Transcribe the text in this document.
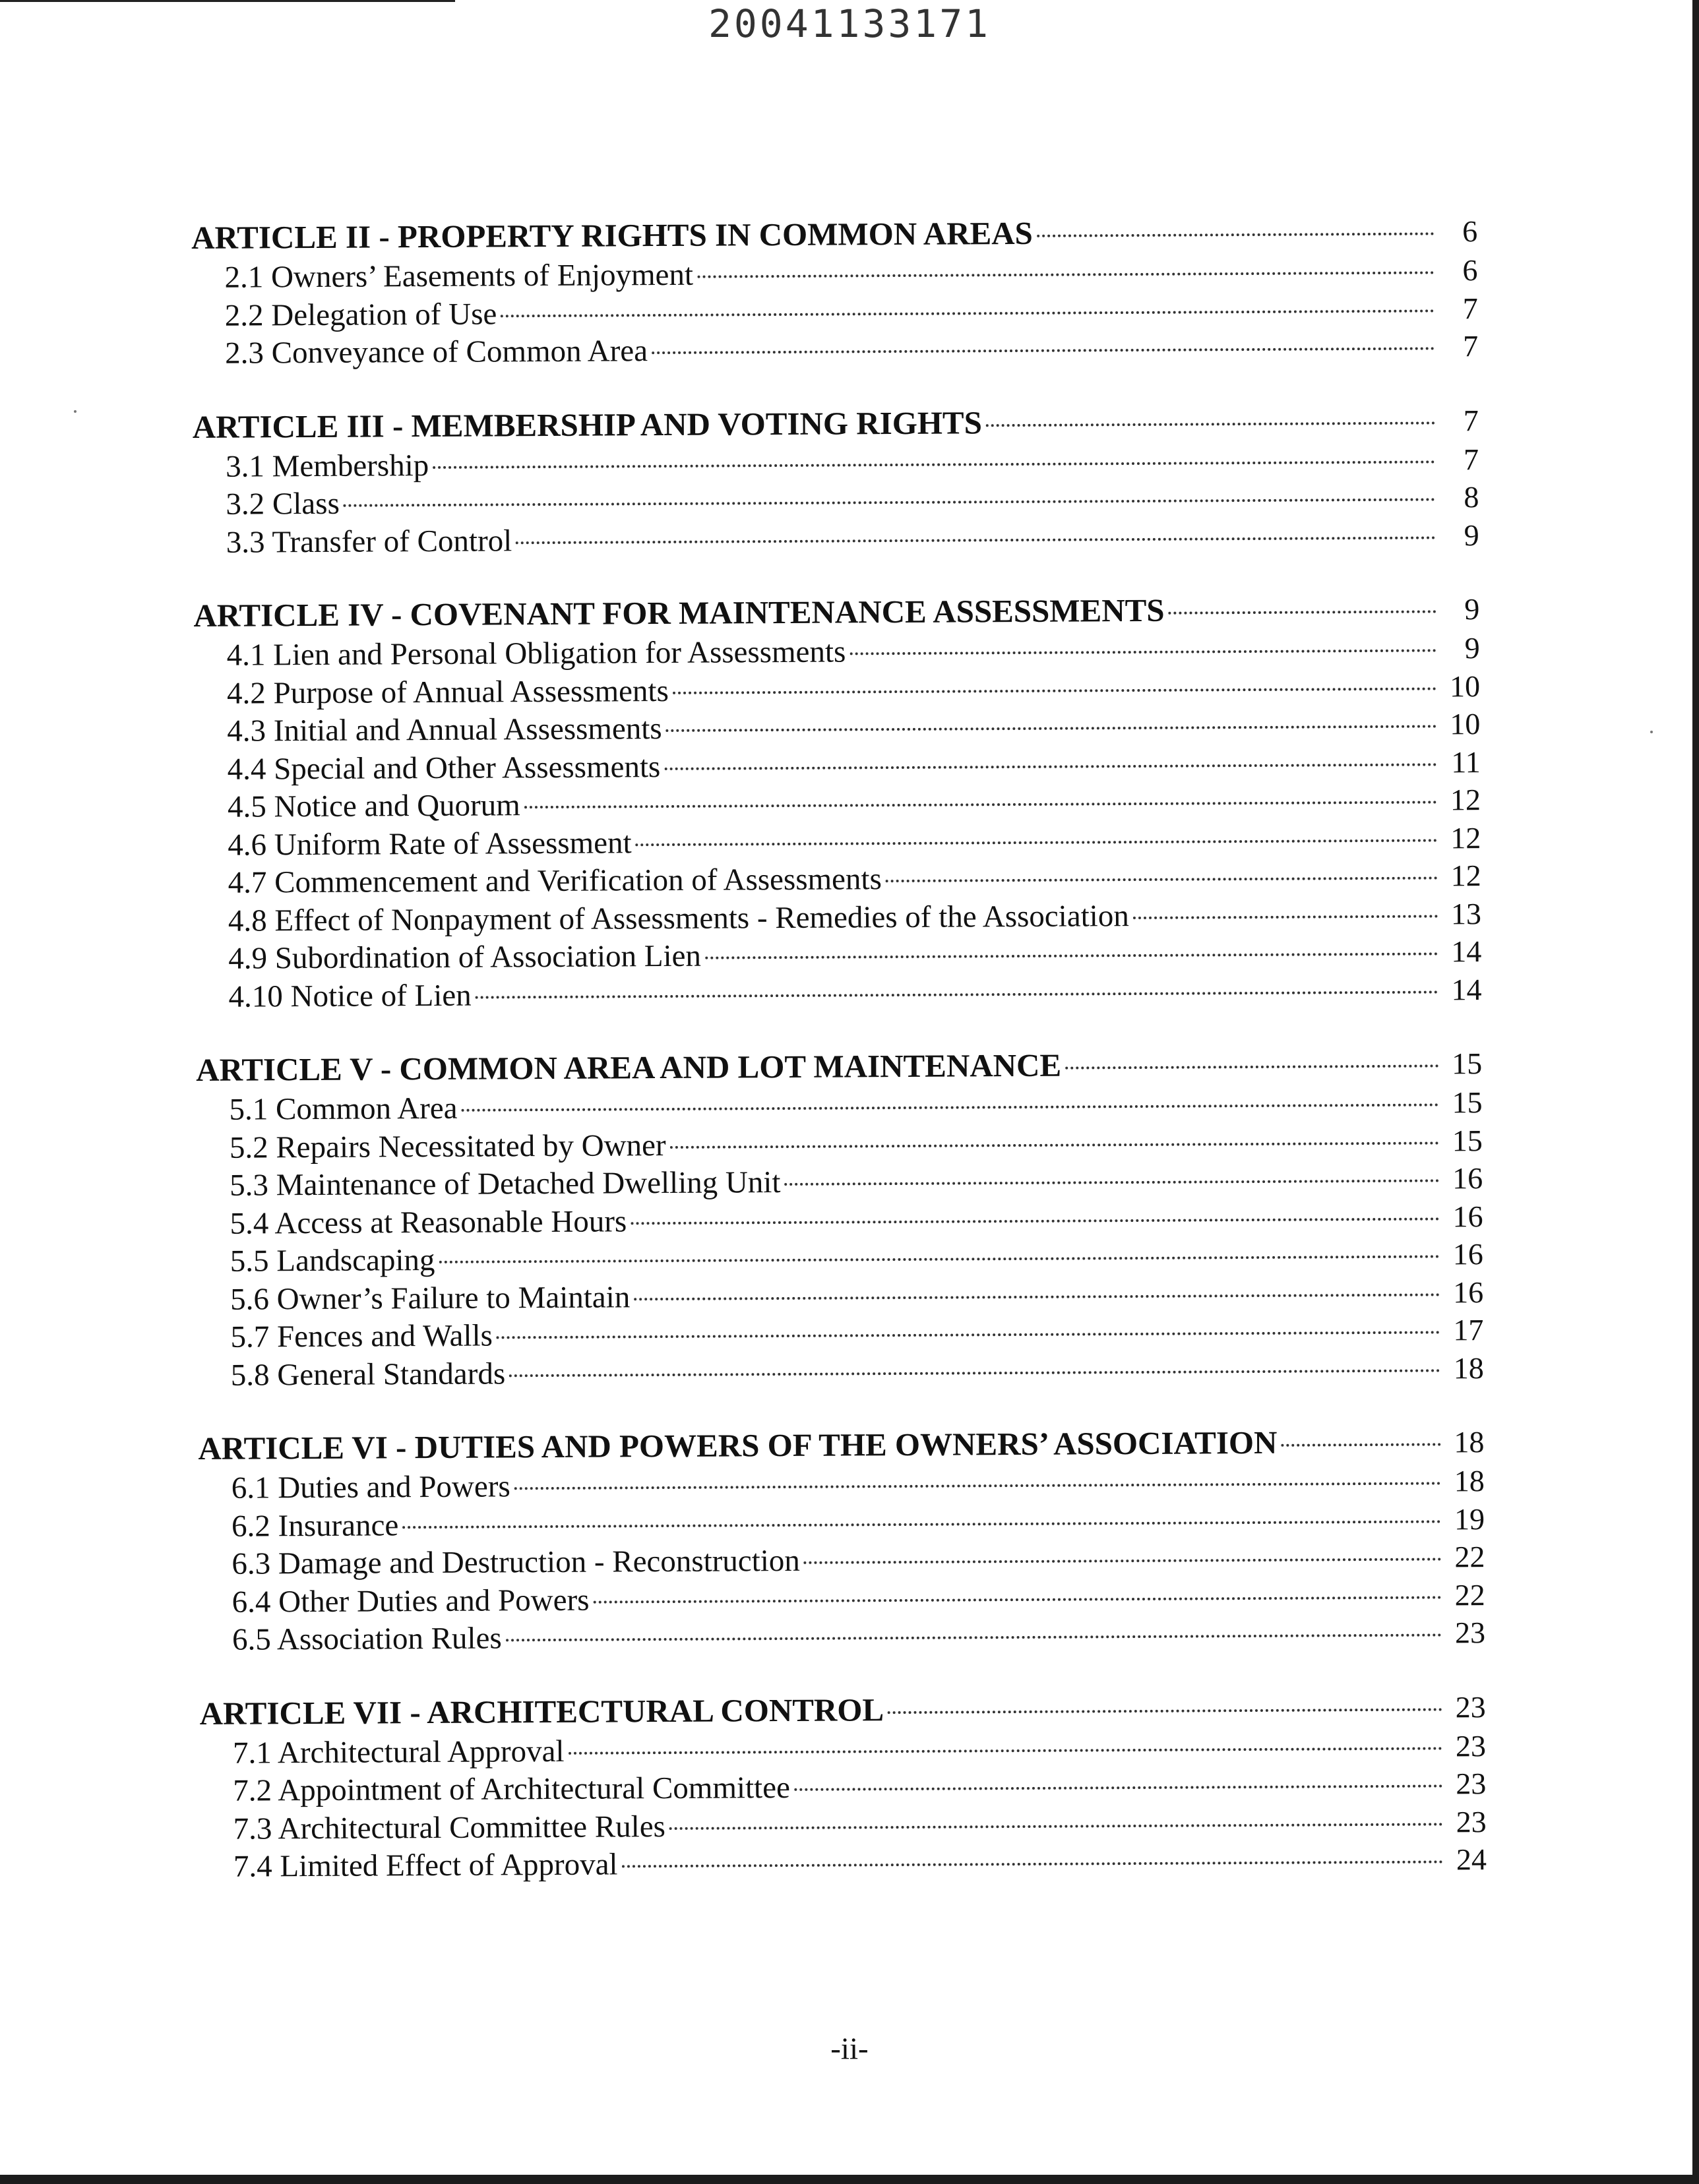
20041133171
ARTICLE II - PROPERTY RIGHTS IN COMMON AREAS	6
2.1 Owners’ Easements of Enjoyment	6
2.2 Delegation of Use	7
2.3 Conveyance of Common Area	7
ARTICLE III - MEMBERSHIP AND VOTING RIGHTS	7
3.1 Membership	7
3.2 Class	8
3.3 Transfer of Control	9
ARTICLE IV - COVENANT FOR MAINTENANCE ASSESSMENTS	9
4.1 Lien and Personal Obligation for Assessments	9
4.2 Purpose of Annual Assessments	10
4.3 Initial and Annual Assessments	10
4.4 Special and Other Assessments	11
4.5 Notice and Quorum	12
4.6 Uniform Rate of Assessment	12
4.7 Commencement and Verification of Assessments	12
4.8 Effect of Nonpayment of Assessments - Remedies of the Association	13
4.9 Subordination of Association Lien	14
4.10 Notice of Lien	14
ARTICLE V - COMMON AREA AND LOT MAINTENANCE	15
5.1 Common Area	15
5.2 Repairs Necessitated by Owner	15
5.3 Maintenance of Detached Dwelling Unit	16
5.4 Access at Reasonable Hours	16
5.5 Landscaping	16
5.6 Owner’s Failure to Maintain	16
5.7 Fences and Walls	17
5.8 General Standards	18
ARTICLE VI - DUTIES AND POWERS OF THE OWNERS’ ASSOCIATION	18
6.1 Duties and Powers	18
6.2 Insurance	19
6.3 Damage and Destruction - Reconstruction	22
6.4 Other Duties and Powers	22
6.5 Association Rules	23
ARTICLE VII - ARCHITECTURAL CONTROL	23
7.1 Architectural Approval	23
7.2 Appointment of Architectural Committee	23
7.3 Architectural Committee Rules	23
7.4 Limited Effect of Approval	24
-ii-
